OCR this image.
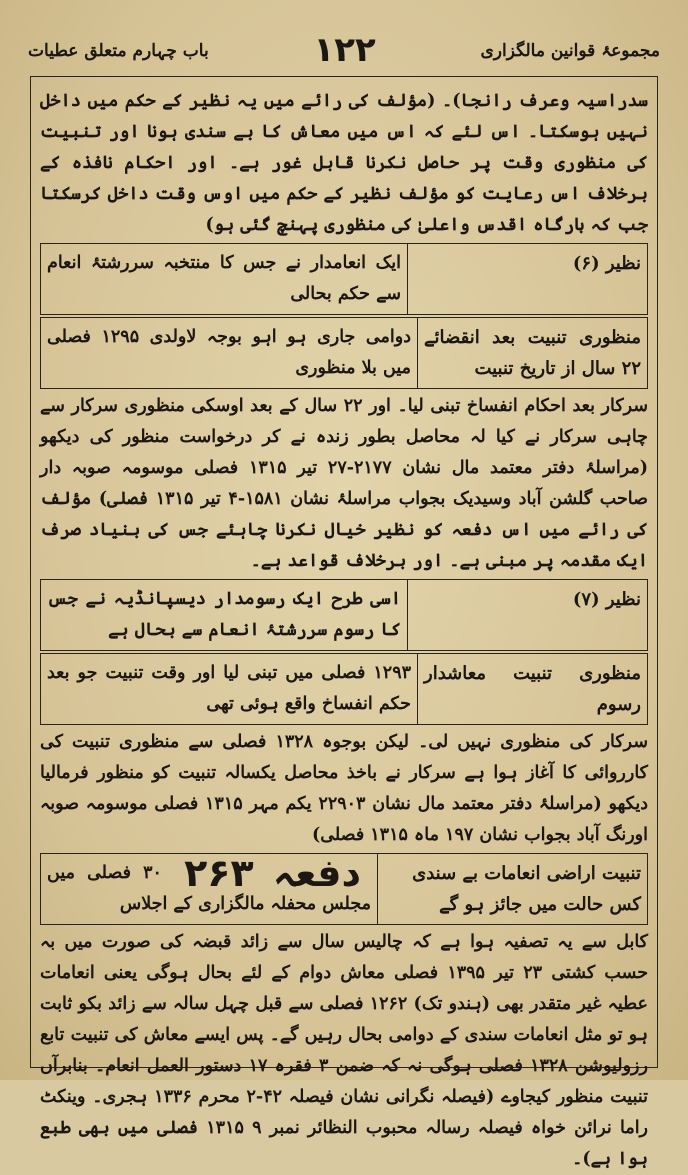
مجموعۂ قوانین مالگزاری
۱۲۲
باب چہارم متعلق عطیات

سدراسیہ وعرف رانجا)۔ (مؤلف کی رائے میں یہ نظیر کے حکم میں داخل نہیں ہوسکتا۔ اس لئے کہ اس میں معاش کا بے سندی ہونا اور تنبیت کی منظوری وقت پر حاصل نکرنا قابل غور ہے۔ اور احکام نافذہ کے برخلاف اس رعایت کو مؤلف نظیر کے حکم میں اوس وقت داخل کرسکتا جب کہ بارگاہ اقدس واعلیٰ کی منظوری پہنچ گئی ہو)

نظیر (۶)
ایک انعامدار نے جس کا منتخبہ سررشتۂ انعام سے حکم بحالی
منظوری تنبیت بعد انقضائے ۲۲ سال از تاریخ تنبیت
دوامی جاری ہو اہو بوجہ لاولدی ۱۲۹۵ فصلی میں بلا منظوری

سرکار بعد احکام انفساخ تبنی لیا۔ اور ۲۲ سال کے بعد اوسکی منظوری سرکار سے چاہی سرکار نے کیا لہ محاصل بطور زندہ نے کر درخواست منظور کی دیکھو (مراسلۂ دفتر معتمد مال نشان ۲۱۷۷-۲۷ تیر ۱۳۱۵ فصلی موسومہ صوبہ دار صاحب گلشن آباد وسیدیک بجواب مراسلۂ نشان ۱۵۸۱-۴ تیر ۱۳۱۵ فصلی) مؤلف کی رائے میں اس دفعہ کو نظیر خیال نکرنا چاہئے جس کی بنیاد صرف ایک مقدمہ پر مبنی ہے۔ اور برخلاف قواعد ہے۔

نظیر (۷)
اسی طرح ایک رسومدار دیسپانڈیہ نے جس کا رسوم سررشتۂ انعام سے بحال ہے
منظوری تنبیت معاشدار رسوم
۱۲۹۳ فصلی میں تبنی لیا اور وقت تنبیت جو بعد حکم انفساخ واقع ہوئی تھی

سرکار کی منظوری نہیں لی۔ لیکن بوجوہ ۱۳۲۸ فصلی سے منظوری تنبیت کی کارروائی کا آغاز ہوا ہے سرکار نے باخذ محاصل یکسالہ تنبیت کو منظور فرمالیا دیکھو (مراسلۂ دفتر معتمد مال نشان ۲۲۹۰۳ یکم مہر ۱۳۱۵ فصلی موسومہ صوبہ اورنگ آباد بجواب نشان ۱۹۷ ماہ ۱۳۱۵ فصلی)

تنبیت اراضی انعامات بے سندی
کس حالت میں جائز ہو گے
دفعہ ۲۶۳ ۳۰ فصلی میں مجلس محفلہ مالگزاری کے اجلاس

کابل سے یہ تصفیہ ہوا ہے کہ چالیس سال سے زائد قبضہ کی صورت میں بہ حسب کشتی ۲۳ تیر ۱۳۹۵ فصلی معاش دوام کے لئے بحال ہوگی یعنی انعامات عطیہ غیر متقدر بھی (ہندو تک) ۱۲۶۲ فصلی سے قبل چہل سالہ سے زائد بکو ثابت ہو تو مثل انعامات سندی کے دوامی بحال رہیں گے۔ پس ایسے معاش کی تنبیت تابع رزولیوشن ۱۳۲۸ فصلی ہوگی نہ کہ ضمن ۳ فقرہ ۱۷ دستور العمل انعام۔ بنابرآں تنبیت منظور کیجاوے (فیصلہ نگرانی نشان فیصلہ ۴۲-۲ محرم ۱۳۳۶ ہجری۔ وینکٹ راما نرائن خواہ فیصلہ رسالہ محبوب النظائر نمبر ۹ ۱۳۱۵ فصلی میں بھی طبع ہوا ہے)۔
